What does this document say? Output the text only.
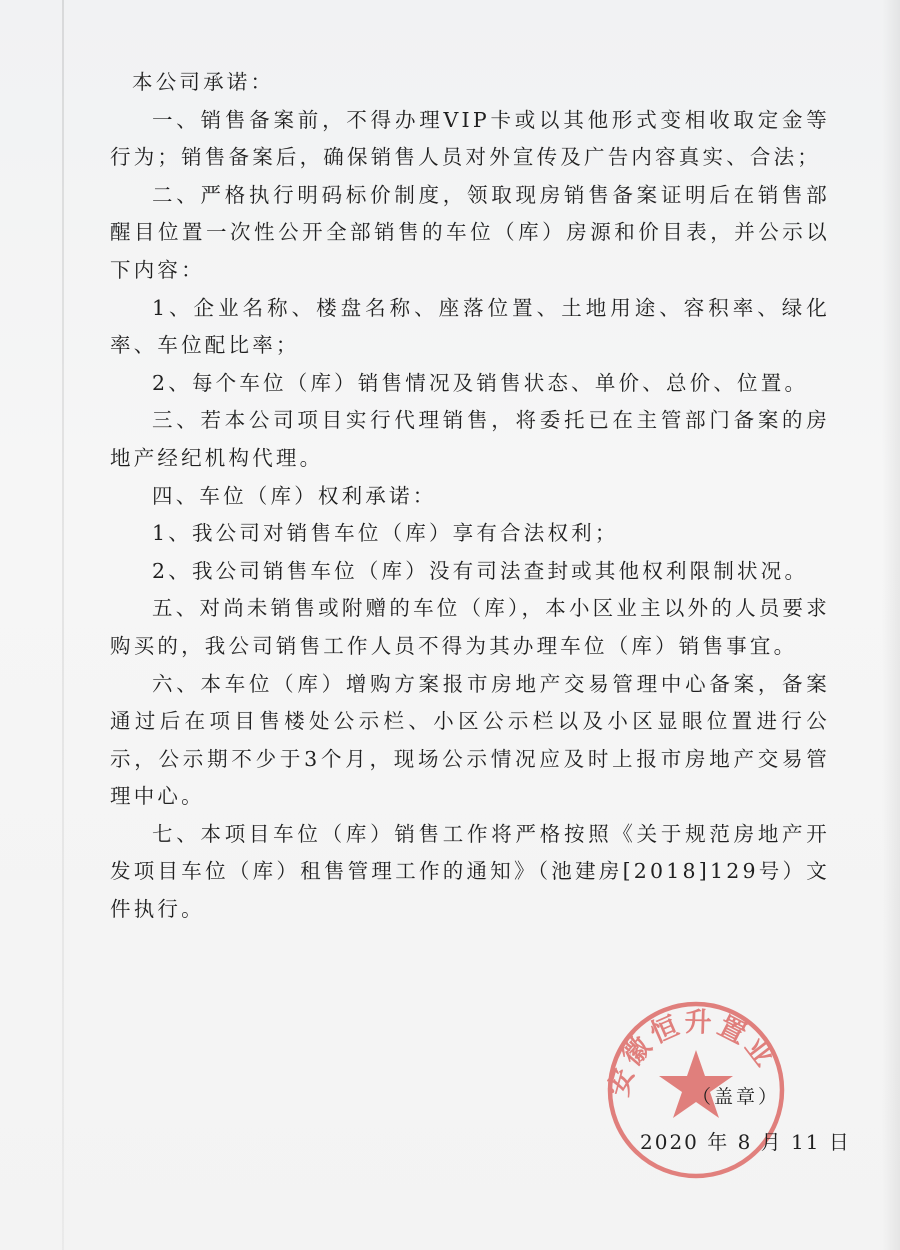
本公司承诺：

一、销售备案前，不得办理VIP卡或以其他形式变相收取定金等行为；销售备案后，确保销售人员对外宣传及广告内容真实、合法；

二、严格执行明码标价制度，领取现房销售备案证明后在销售部醒目位置一次性公开全部销售的车位（库）房源和价目表，并公示以下内容：

1、企业名称、楼盘名称、座落位置、土地用途、容积率、绿化率、车位配比率；

2、每个车位（库）销售情况及销售状态、单价、总价、位置。

三、若本公司项目实行代理销售，将委托已在主管部门备案的房地产经纪机构代理。

四、车位（库）权利承诺：

1、我公司对销售车位（库）享有合法权利；

2、我公司销售车位（库）没有司法查封或其他权利限制状况。

五、对尚未销售或附赠的车位（库），本小区业主以外的人员要求购买的，我公司销售工作人员不得为其办理车位（库）销售事宜。

六、本车位（库）增购方案报市房地产交易管理中心备案，备案通过后在项目售楼处公示栏、小区公示栏以及小区显眼位置进行公示，公示期不少于3个月，现场公示情况应及时上报市房地产交易管理中心。

七、本项目车位（库）销售工作将严格按照《关于规范房地产开发项目车位（库）租售管理工作的通知》（池建房[2018]129号）文件执行。

安徽恒升置业
（盖章）
2020 年 8 月 11 日
